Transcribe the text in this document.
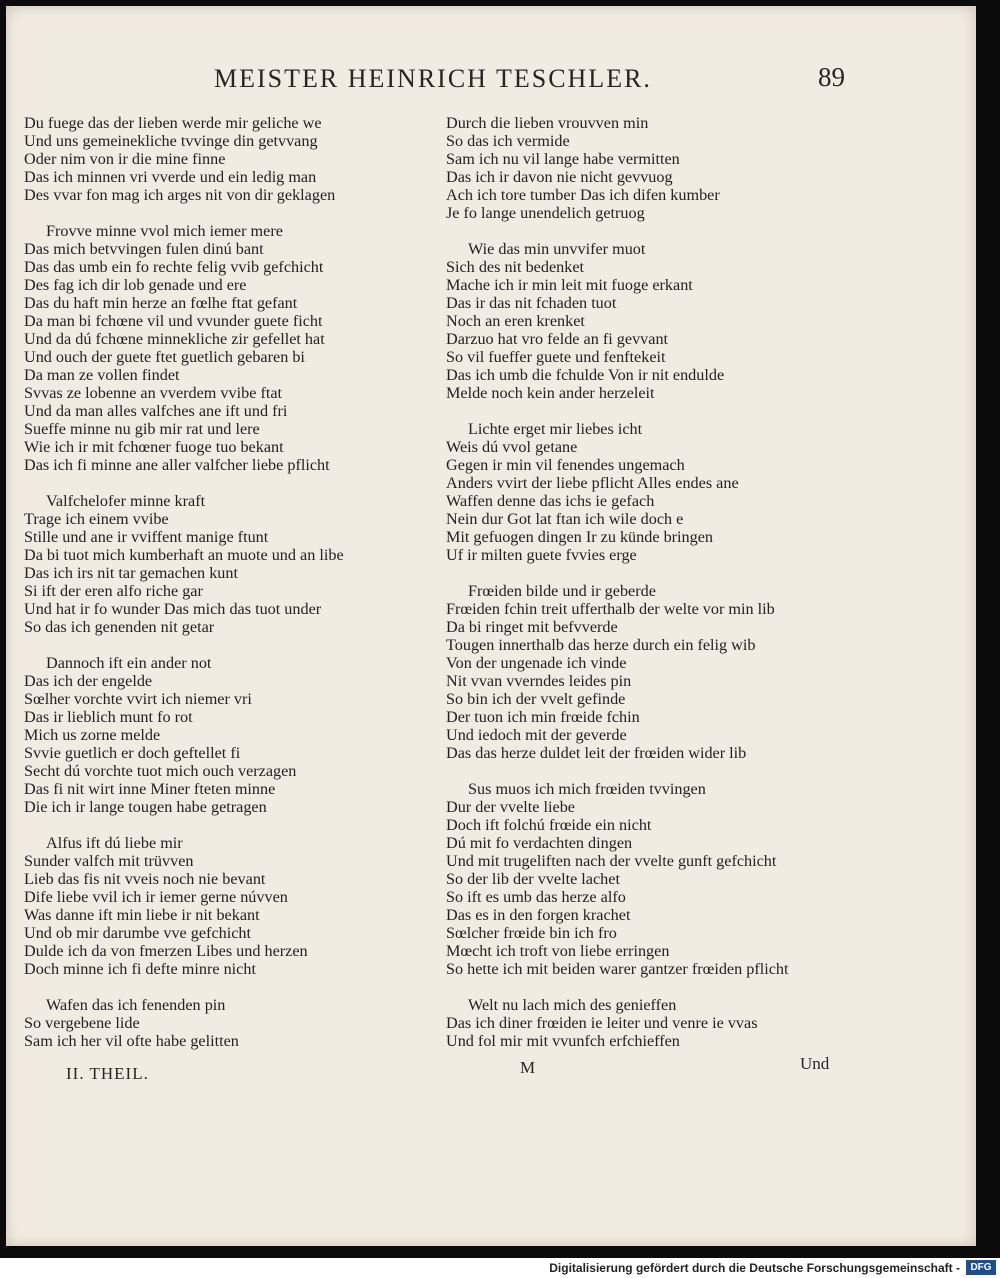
MEISTER HEINRICH TESCHLER.	89
Du fuege das der lieben werde mir geliche we
Und uns gemeinekliche tvvinge din getvvang
Oder nim von ir die mine finne
Das ich minnen vri vverde und ein ledig man
Des vvar fon mag ich arges nit von dir geklagen
Frovve minne vvol mich iemer mere
Das mich betvvingen fulen dinú bant
Das das umb ein fo rechte felig vvib gefchicht
Des fag ich dir lob genade und ere
Das du haft min herze an fœlhe ftat gefant
Da man bi fchœne vil und vvunder guete ficht
Und da dú fchœne minnekliche zir gefellet hat
Und ouch der guete ftet guetlich gebaren bi
Da man ze vollen findet
Svvas ze lobenne an vverdem vvibe ftat
Und da man alles valfches ane ift und fri
Sueffe minne nu gib mir rat und lere
Wie ich ir mit fchœner fuoge tuo bekant
Das ich fi minne ane aller valfcher liebe pflicht
Valfchelofer minne kraft
Trage ich einem vvibe
Stille und ane ir vviffent manige ftunt
Da bi tuot mich kumberhaft an muote und an libe
Das ich irs nit tar gemachen kunt
Si ift der eren alfo riche gar
Und hat ir fo wunder Das mich das tuot under
So das ich genenden nit getar
Dannoch ift ein ander not
Das ich der engelde
Sœlher vorchte vvirt ich niemer vri
Das ir lieblich munt fo rot
Mich us zorne melde
Svvie guetlich er doch geftellet fi
Secht dú vorchte tuot mich ouch verzagen
Das fi nit wirt inne Miner fteten minne
Die ich ir lange tougen habe getragen
Alfus ift dú liebe mir
Sunder valfch mit trüvven
Lieb das fis nit vveis noch nie bevant
Dife liebe vvil ich ir iemer gerne núvven
Was danne ift min liebe ir nit bekant
Und ob mir darumbe vve gefchicht
Dulde ich da von fmerzen Libes und herzen
Doch minne ich fi defte minre nicht
Wafen das ich fenenden pin
So vergebene lide
Sam ich her vil ofte habe gelitten
Durch die lieben vrouvven min
So das ich vermide
Sam ich nu vil lange habe vermitten
Das ich ir davon nie nicht gevvuog
Ach ich tore tumber Das ich difen kumber
Je fo lange unendelich getruog
Wie das min unvvifer muot
Sich des nit bedenket
Mache ich ir min leit mit fuoge erkant
Das ir das nit fchaden tuot
Noch an eren krenket
Darzuo hat vro felde an fi gevvant
So vil fueffer guete und fenftekeit
Das ich umb die fchulde Von ir nit endulde
Melde noch kein ander herzeleit
Lichte erget mir liebes icht
Weis dú vvol getane
Gegen ir min vil fenendes ungemach
Anders vvirt der liebe pflicht Alles endes ane
Waffen denne das ichs ie gefach
Nein dur Got lat ftan ich wile doch e
Mit gefuogen dingen Ir zu künde bringen
Uf ir milten guete fvvies erge
Frœiden bilde und ir geberde
Frœiden fchin treit ufferthalb der welte vor min lib
Da bi ringet mit befvverde
Tougen innerthalb das herze durch ein felig wib
Von der ungenade ich vinde
Nit vvan vverndes leides pin
So bin ich der vvelt gefinde
Der tuon ich min frœide fchin
Und iedoch mit der geverde
Das das herze duldet leit der frœiden wider lib
Sus muos ich mich frœiden tvvingen
Dur der vvelte liebe
Doch ift folchú frœide ein nicht
Dú mit fo verdachten dingen
Und mit trugeliften nach der vvelte gunft gefchicht
So der lib der vvelte lachet
So ift es umb das herze alfo
Das es in den forgen krachet
Sœlcher frœide bin ich fro
Mœcht ich troft von liebe erringen
So hette ich mit beiden warer gantzer frœiden pflicht
Welt nu lach mich des genieffen
Das ich diner frœiden ie leiter und venre ie vvas
Und fol mir mit vvunfch erfchieffen
II. THEIL.	M	Und
Digitalisierung gefördert durch die Deutsche Forschungsgemeinschaft -	DFG
